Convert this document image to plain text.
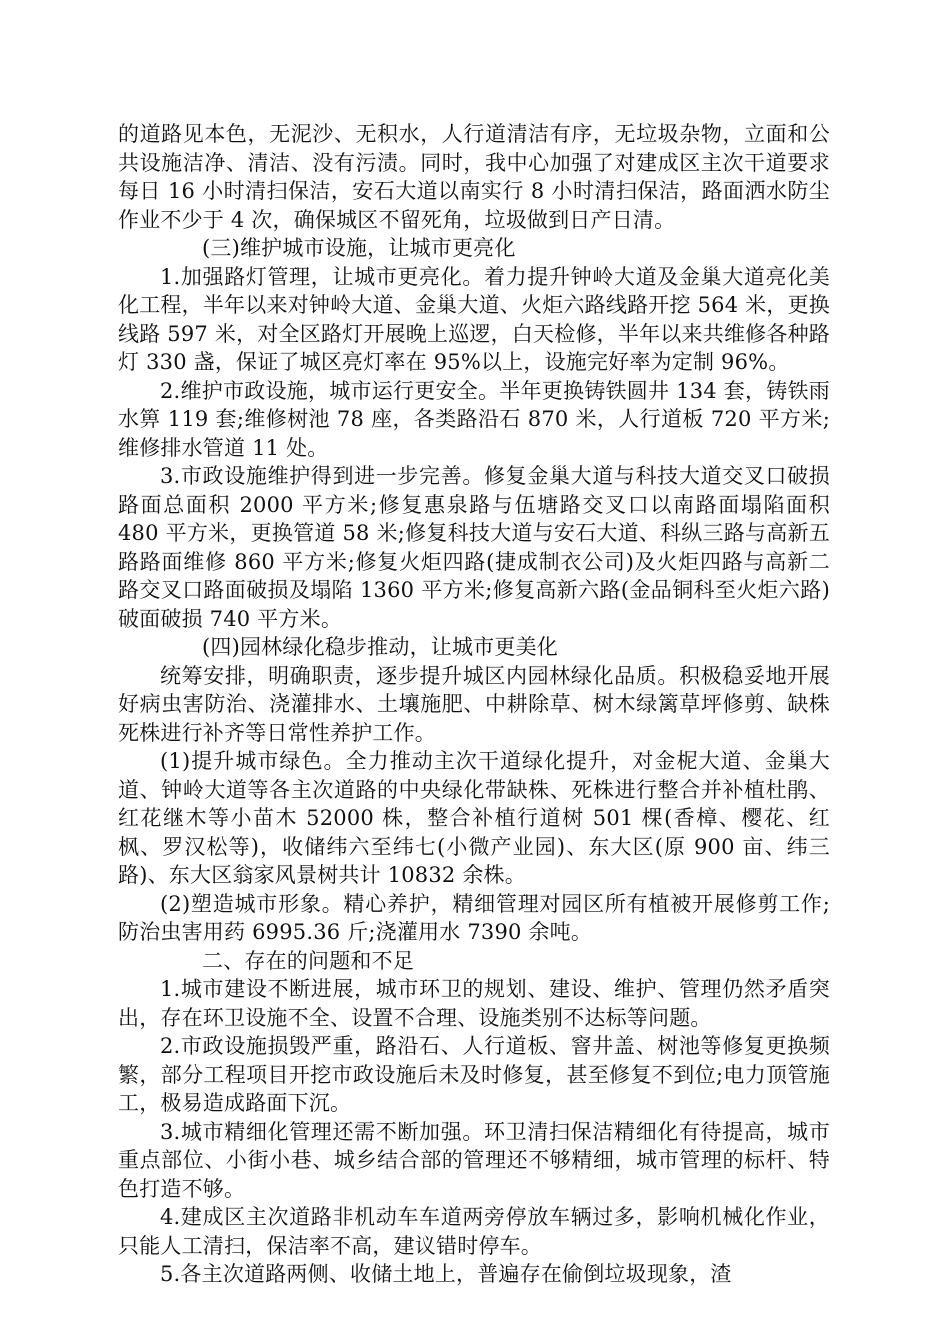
的道路见本色，无泥沙、无积水，人行道清洁有序，无垃圾杂物，立面和公共设施洁净、清洁、没有污渍。同时，我中心加强了对建成区主次干道要求每日 16 小时清扫保洁，安石大道以南实行 8 小时清扫保洁，路面洒水防尘作业不少于 4 次，确保城区不留死角，垃圾做到日产日清。

(三)维护城市设施，让城市更亮化

1.加强路灯管理，让城市更亮化。着力提升钟岭大道及金巢大道亮化美化工程，半年以来对钟岭大道、金巢大道、火炬六路线路开挖 564 米，更换线路 597 米，对全区路灯开展晚上巡逻，白天检修，半年以来共维修各种路灯 330 盏，保证了城区亮灯率在 95%以上，设施完好率为定制 96%。

2.维护市政设施，城市运行更安全。半年更换铸铁圆井 134 套，铸铁雨水箅 119 套;维修树池 78 座，各类路沿石 870 米，人行道板 720 平方米;维修排水管道 11 处。

3.市政设施维护得到进一步完善。修复金巢大道与科技大道交叉口破损路面总面积 2000 平方米;修复惠泉路与伍塘路交叉口以南路面塌陷面积 480 平方米，更换管道 58 米;修复科技大道与安石大道、科纵三路与高新五路路面维修 860 平方米;修复火炬四路(捷成制衣公司)及火炬四路与高新二路交叉口路面破损及塌陷 1360 平方米;修复高新六路(金品铜科至火炬六路)破面破损 740 平方米。

(四)园林绿化稳步推动，让城市更美化

统筹安排，明确职责，逐步提升城区内园林绿化品质。积极稳妥地开展好病虫害防治、浇灌排水、土壤施肥、中耕除草、树木绿篱草坪修剪、缺株死株进行补齐等日常性养护工作。

(1)提升城市绿色。全力推动主次干道绿化提升，对金柅大道、金巢大道、钟岭大道等各主次道路的中央绿化带缺株、死株进行整合并补植杜鹃、红花继木等小苗木 52000 株，整合补植行道树 501 棵(香樟、樱花、红枫、罗汉松等)，收储纬六至纬七(小微产业园)、东大区(原 900 亩、纬三路)、东大区翁家风景树共计 10832 余株。

(2)塑造城市形象。精心养护，精细管理对园区所有植被开展修剪工作;防治虫害用药 6995.36 斤;浇灌用水 7390 余吨。

二、存在的问题和不足

1.城市建设不断进展，城市环卫的规划、建设、维护、管理仍然矛盾突出，存在环卫设施不全、设置不合理、设施类别不达标等问题。

2.市政设施损毁严重，路沿石、人行道板、窨井盖、树池等修复更换频繁，部分工程项目开挖市政设施后未及时修复，甚至修复不到位;电力顶管施工，极易造成路面下沉。

3.城市精细化管理还需不断加强。环卫清扫保洁精细化有待提高，城市重点部位、小街小巷、城乡结合部的管理还不够精细，城市管理的标杆、特色打造不够。

4.建成区主次道路非机动车车道两旁停放车辆过多，影响机械化作业，只能人工清扫，保洁率不高，建议错时停车。

5.各主次道路两侧、收储土地上，普遍存在偷倒垃圾现象，渣
